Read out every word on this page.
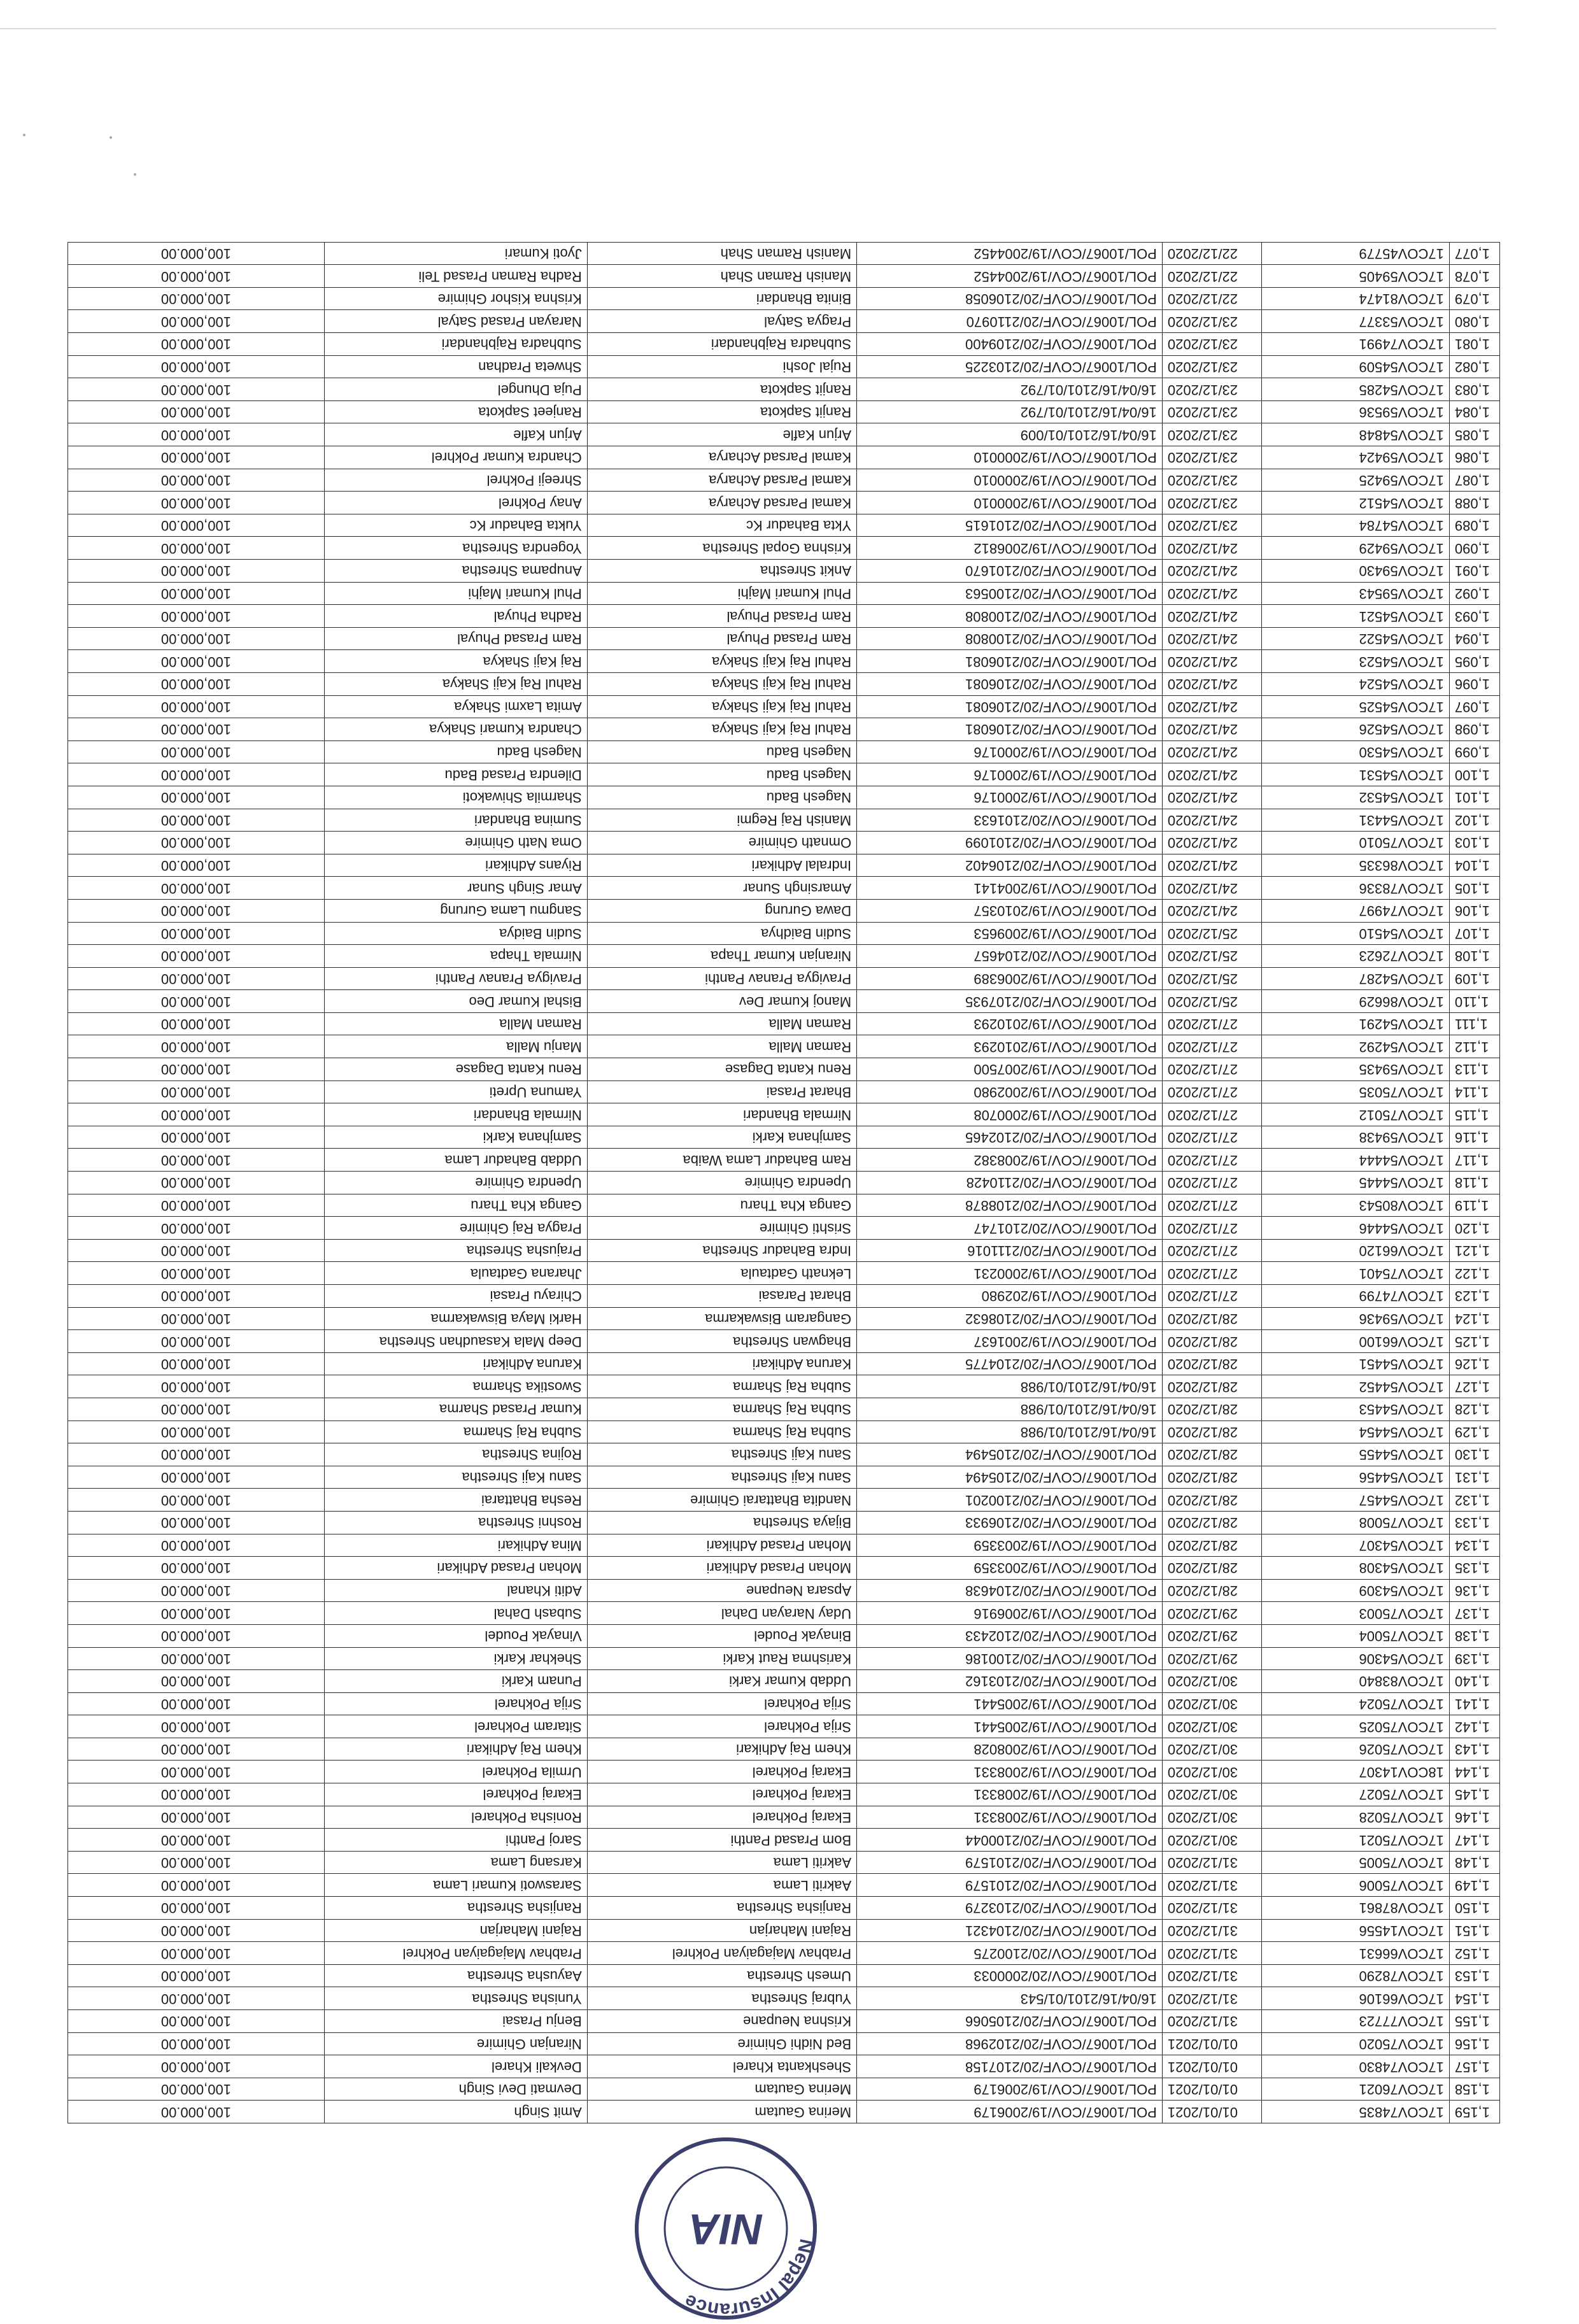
1,159	17COV74835	01/01/2021	POL/10067/COV/19/2006179	Merina Gautam	Amit Singh	100,000.00
1,158	17COV76021	01/01/2021	POL/10067/COV/19/2006179	Merina Gautam	Devmati Devi Singh	100,000.00
1,157	17COV74830	01/01/2021	POL/10067/COVF/20/2107158	Sheshkanta Kharel	Devkali Kharel	100,000.00
1,156	17COV75020	01/01/2021	POL/10067/COVF/20/2102968	Bed Nidhi Ghimire	Niranjan Ghimire	100,000.00
1,155	17COV77723	31/12/2020	POL/10067/COVF/20/2105066	Krishna Neupane	Benju Prasai	100,000.00
1,154	17COV66106	31/12/2020	16/04/16/2101/01/543	Yubraj Shrestha	Yunisha Shrestha	100,000.00
1,153	17COV78290	31/12/2020	POL/10067/COV/20/2000033	Umesh Shrestha	Aayusha Shrestha	100,000.00
1,152	17COV66631	31/12/2020	POL/10067/COV/20/2100275	Prabhav Majagaiyan Pokhrel	Prabhav Majagaiyan Pokhrel	100,000.00
1,151	17COV14556	31/12/2020	POL/10067/COVF/20/2104321	Rajani Maharjan	Rajani Maharjan	100,000.00
1,150	17COV87861	31/12/2020	POL/10067/COVF/20/2103279	Ranjisha Shrestha	Ranjisha Shrestha	100,000.00
1,149	17COV75006	31/12/2020	POL/10067/COVF/20/2101579	Aakriti Lama	Saraswoti Kumari Lama	100,000.00
1,148	17COV75005	31/12/2020	POL/10067/COVF/20/2101579	Aakriti Lama	Karsang Lama	100,000.00
1,147	17COV75021	30/12/2020	POL/10067/COVF/20/2100044	Bom Prasad Panthi	Saroj Panthi	100,000.00
1,146	17COV75028	30/12/2020	POL/10067/COV/19/2008331	Ekaraj Pokharel	Ronisha Pokharel	100,000.00
1,145	17COV75027	30/12/2020	POL/10067/COV/19/2008331	Ekaraj Pokharel	Ekaraj Pokharel	100,000.00
1,144	18COV14307	30/12/2020	POL/10067/COV/19/2008331	Ekaraj Pokharel	Urmila Pokharel	100,000.00
1,143	17COV75026	30/12/2020	POL/10067/COV/19/2008028	Khem Raj Adhikari	Khem Raj Adhikari	100,000.00
1,142	17COV75025	30/12/2020	POL/10067/COV/19/2005441	Srija Pokharel	Sitaram Pokharel	100,000.00
1,141	17COV75024	30/12/2020	POL/10067/COV/19/2005441	Srija Pokharel	Srija Pokharel	100,000.00
1,140	17COV83840	30/12/2020	POL/10067/COVF/20/2103162	Uddab Kumar Karki	Punam Karki	100,000.00
1,139	17COV54306	29/12/2020	POL/10067/COVF/20/2100186	Karishma Raut Karki	Shekhar Karki	100,000.00
1,138	17COV75004	29/12/2020	POL/10067/COVF/20/2102433	Binayak Poudel	Vinayak Poudel	100,000.00
1,137	17COV75003	29/12/2020	POL/10067/COV/19/2006916	Uday Narayan Dahal	Subash Dahal	100,000.00
1,136	17COV54309	28/12/2020	POL/10067/COVF/20/2104638	Apsara Neupane	Aditi Khanal	100,000.00
1,135	17COV54308	28/12/2020	POL/10067/COV/19/2003359	Mohan Prasad Adhikari	Mohan Prasad Adhikari	100,000.00
1,134	17COV54307	28/12/2020	POL/10067/COV/19/2003359	Mohan Prasad Adhikari	Mina Adhikari	100,000.00
1,133	17COV75008	28/12/2020	POL/10067/COVF/20/2106933	Bijaya Shrestha	Roshni Shrestha	100,000.00
1,132	17COV54457	28/12/2020	POL/10067/COVF/20/2100201	Nandita Bhattarai Ghimire	Resha Bhattarai	100,000.00
1,131	17COV54456	28/12/2020	POL/10067/COVF/20/2105494	Sanu Kaji Shrestha	Sanu Kaji Shrestha	100,000.00
1,130	17COV54455	28/12/2020	POL/10067/COVF/20/2105494	Sanu Kaji Shrestha	Rojina Shrestha	100,000.00
1,129	17COV54454	28/12/2020	16/04/16/2101/01/988	Subha Raj Sharma	Subha Raj Sharma	100,000.00
1,128	17COV54453	28/12/2020	16/04/16/2101/01/988	Subha Raj Sharma	Kumar Prasad Sharma	100,000.00
1,127	17COV54452	28/12/2020	16/04/16/2101/01/988	Subha Raj Sharma	Swostika Sharma	100,000.00
1,126	17COV54451	28/12/2020	POL/10067/COVF/20/2104775	Karuna Adhikari	Karuna Adhikari	100,000.00
1,125	17COV66100	28/12/2020	POL/10067/COV/19/2001637	Bhagwan Shrestha	Deep Mala Kasaudhan Shrestha	100,000.00
1,124	17COV59436	28/12/2020	POL/10067/COVF/20/2108632	Gangaram Biswakarma	Harki Maya Biswakarma	100,000.00
1,123	17COV74799	27/12/2020	POL/10067/COV/19/202980	Bharat Parasai	Chirayu Prasai	100,000.00
1,122	17COV75401	27/12/2020	POL/10067/COV/19/2000231	Leknath Gadtaula	Jharana Gadtaula	100,000.00
1,121	17COV66120	27/12/2020	POL/10067/COVF/20/2111016	Indra Bahadur Shrestha	Prajusha Shrestha	100,000.00
1,120	17COV54446	27/12/2020	POL/10067/COV/20/2101747	Srishti Ghimire	Pragya Raj Ghimire	100,000.00
1,119	17COV80543	27/12/2020	POL/10067/COVF/20/2108878	Ganga Kha Tharu	Ganga Kha Tharu	100,000.00
1,118	17COV54445	27/12/2020	POL/10067/COVF/20/2110428	Upendra Ghimire	Upendra Ghimire	100,000.00
1,117	17COV54444	27/12/2020	POL/10067/COV/19/2008382	Ram Bahadur Lama Waiba	Uddab Bahadur Lama	100,000.00
1,116	17COV59438	27/12/2020	POL/10067/COVF/20/2102465	Samjhana Karki	Samjhana Karki	100,000.00
1,115	17COV75012	27/12/2020	POL/10067/COV/19/2000708	Nirmala Bhandari	Nirmala Bhandari	100,000.00
1,114	17COV75035	27/12/2020	POL/10067/COV/19/2002980	Bharat Prasai	Yamuna Upreti	100,000.00
1,113	17COV59435	27/12/2020	POL/10067/COV/19/2007500	Renu Kanta Dagase	Renu Kanta Dagase	100,000.00
1,112	17COV54292	27/12/2020	POL/10067/COV/19/2010293	Raman Malla	Manju Malla	100,000.00
1,111	17COV54291	27/12/2020	POL/10067/COV/19/2010293	Raman Malla	Raman Malla	100,000.00
1,110	17COV86629	25/12/2020	POL/10067/COVF/20/2107935	Manoj Kumar Dev	Bishal Kumar Deo	100,000.00
1,109	17COV54287	25/12/2020	POL/10067/COV/19/2006389	Pravigya Pranav Panthi	Pravigya Pranav Panthi	100,000.00
1,108	17COV72623	25/12/2020	POL/10067/COV/20/2104657	Niranjan Kumar Thapa	Nirmala Thapa	100,000.00
1,107	17COV54510	25/12/2020	POL/10067/COV/19/2009653	Sudin Baidhya	Sudin Baidya	100,000.00
1,106	17COV74997	24/12/2020	POL/10067/COV/19/2010357	Dawa Gurung	Sangmu Lama Gurung	100,000.00
1,105	17COV78336	24/12/2020	POL/10067/COV/19/2004141	Amarsingh Sunar	Amar Singh Sunar	100,000.00
1,104	17COV86335	24/12/2020	POL/10067/COVF/20/2106402	Indralal Adhikari	Riyans Adhikari	100,000.00
1,103	17COV75010	24/12/2020	POL/10067/COVF/20/2101099	Omnath Ghimire	Oma Nath Ghimire	100,000.00
1,102	17COV54431	24/12/2020	POL/10067/COV/20/2101633	Manish Raj Regmi	Sumina Bhandari	100,000.00
1,101	17COV54532	24/12/2020	POL/10067/COV/19/2000176	Nagesh Badu	Sharmila Shiwakoti	100,000.00
1,100	17COV54531	24/12/2020	POL/10067/COV/19/2000176	Nagesh Badu	Dilendra Prasad Badu	100,000.00
1,099	17COV54530	24/12/2020	POL/10067/COV/19/2000176	Nagesh Badu	Nagesh Badu	100,000.00
1,098	17COV54526	24/12/2020	POL/10067/COVF/20/2106081	Rahul Raj Kaji Shakya	Chandra Kumari Shakya	100,000.00
1,097	17COV54525	24/12/2020	POL/10067/COVF/20/2106081	Rahul Raj Kaji Shakya	Amita Laxmi Shakya	100,000.00
1,096	17COV54524	24/12/2020	POL/10067/COVF/20/2106081	Rahul Raj Kaji Shakya	Rahul Raj Kaji Shakya	100,000.00
1,095	17COV54523	24/12/2020	POL/10067/COVF/20/2106081	Rahul Raj Kaji Shakya	Raj Kaji Shakya	100,000.00
1,094	17COV54522	24/12/2020	POL/10067/COVF/20/2100808	Ram Prasad Phuyal	Ram Prasad Phuyal	100,000.00
1,093	17COV54521	24/12/2020	POL/10067/COVF/20/2100808	Ram Prasad Phuyal	Radha Phuyal	100,000.00
1,092	17COV59543	24/12/2020	POL/10067/COVF/20/2100563	Phul Kumari Majhi	Phul Kumari Majhi	100,000.00
1,091	17COV59430	24/12/2020	POL/10067/COVF/20/2101670	Ankit Shrestha	Anupama Shrestha	100,000.00
1,090	17COV59429	24/12/2020	POL/10067/COV/19/2006812	Krishna Gopal Shrestha	Yogendra Shrestha	100,000.00
1,089	17COV54784	23/12/2020	POL/10067/COVF/20/2101615	Ykta Bahadur Kc	Yukta Bahadur Kc	100,000.00
1,088	17COV54512	23/12/2020	POL/10067/COV/19/2000010	Kamal Parsad Acharya	Anay Pokhrel	100,000.00
1,087	17COV59425	23/12/2020	POL/10067/COV/19/2000010	Kamal Parsad Acharya	Shreeji Pokhrel	100,000.00
1,086	17COV59424	23/12/2020	POL/10067/COV/19/2000010	Kamal Parsad Acharya	Chandra Kumar Pokhrel	100,000.00
1,085	17COV54848	23/12/2020	16/04/16/2101/01/009	Arjun Kafle	Arjun Kafle	100,000.00
1,084	17COV59536	23/12/2020	16/04/16/2101/01/792	Ranjit Sapkota	Ranjeet Sapkota	100,000.00
1,083	17COV54285	23/12/2020	16/04/16/2101/01/792	Ranjit Sapkota	Puja Dhungel	100,000.00
1,082	17COV54509	23/12/2020	POL/10067/COVF/20/2103225	Rujal Joshi	Shweta Pradhan	100,000.00
1,081	17COV74991	23/12/2020	POL/10067/COVF/20/2109400	Subhadra Rajbhandari	Subhadra Rajbhandari	100,000.00
1,080	17COV53377	23/12/2020	POL/10067/COVF/20/2110970	Pragya Satyal	Narayan Prasad Satyal	100,000.00
1,079	17COV81474	22/12/2020	POL/10067/COVF/20/2106058	Binita Bhandari	Krishna Kishor Ghimire	100,000.00
1,078	17COV59405	22/12/2020	POL/10067/COV/19/2004452	Manish Raman Shah	Radha Raman Prasad Teli	100,000.00
1,077	17COV45779	22/12/2020	POL/10067/COV/19/2004452	Manish Raman Shah	Jyoti Kumari	100,000.00
Nepal Insurance
NIA
